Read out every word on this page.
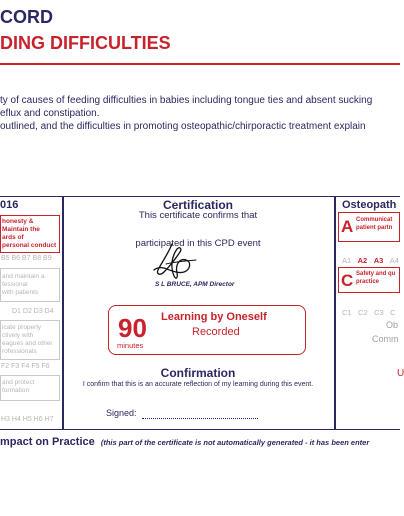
CORD
DING DIFFICULTIES
ty of causes of feeding difficulties in babies including tongue ties and absent sucking
eflux and constipation.
outlined, and the difficulties in promoting osteopathic/chirporactic treatment explain
016
honesty &
Maintain the
ards of
personal conduct
B5 B6 B7 B8 B9
and maintain a
fessional
with patients
D1 D2 D3 D4
icate properly
ctively with
eagues and other
rofessionals
F2 F3 F4 F5 F6
and protect
formation
H3 H4 H5 H6 H7
Certification
This certificate confirms that
participated in this CPD event
S L BRUCE, APM Director
90
minutes
Learning by Oneself
Recorded
Confirmation
I confirm that this is an accurate reflection of my learning during this event.
Signed:
Osteopath
A Communicat
patient partn
A1 A2 A3 A4
C Safety and qu
practice
C1 C2 C3 C
Ob
Comm
U
mpact on Practice (this part of the certificate is not automatically generated - it has been enter
